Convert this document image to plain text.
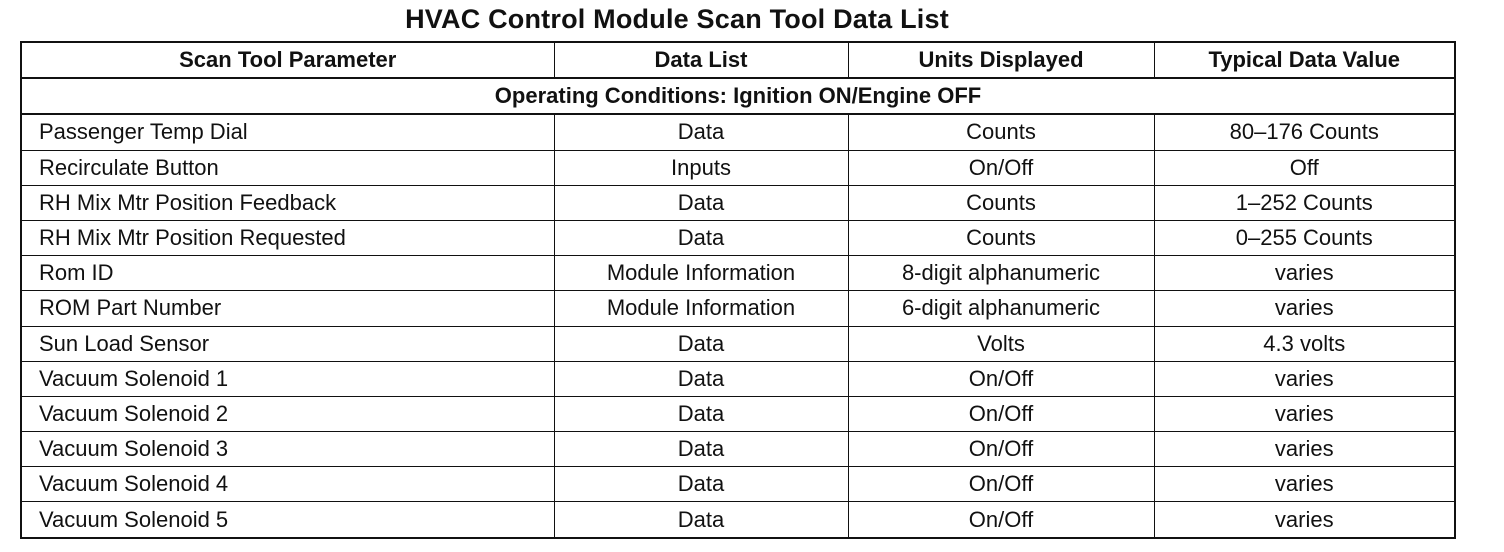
HVAC Control Module Scan Tool Data List
Scan Tool Parameter	Data List	Units Displayed	Typical Data Value
Operating Conditions: Ignition ON/Engine OFF			
Passenger Temp Dial	Data	Counts	80–176 Counts
Recirculate Button	Inputs	On/Off	Off
RH Mix Mtr Position Feedback	Data	Counts	1–252 Counts
RH Mix Mtr Position Requested	Data	Counts	0–255 Counts
Rom ID	Module Information	8-digit alphanumeric	varies
ROM Part Number	Module Information	6-digit alphanumeric	varies
Sun Load Sensor	Data	Volts	4.3 volts
Vacuum Solenoid 1	Data	On/Off	varies
Vacuum Solenoid 2	Data	On/Off	varies
Vacuum Solenoid 3	Data	On/Off	varies
Vacuum Solenoid 4	Data	On/Off	varies
Vacuum Solenoid 5	Data	On/Off	varies
